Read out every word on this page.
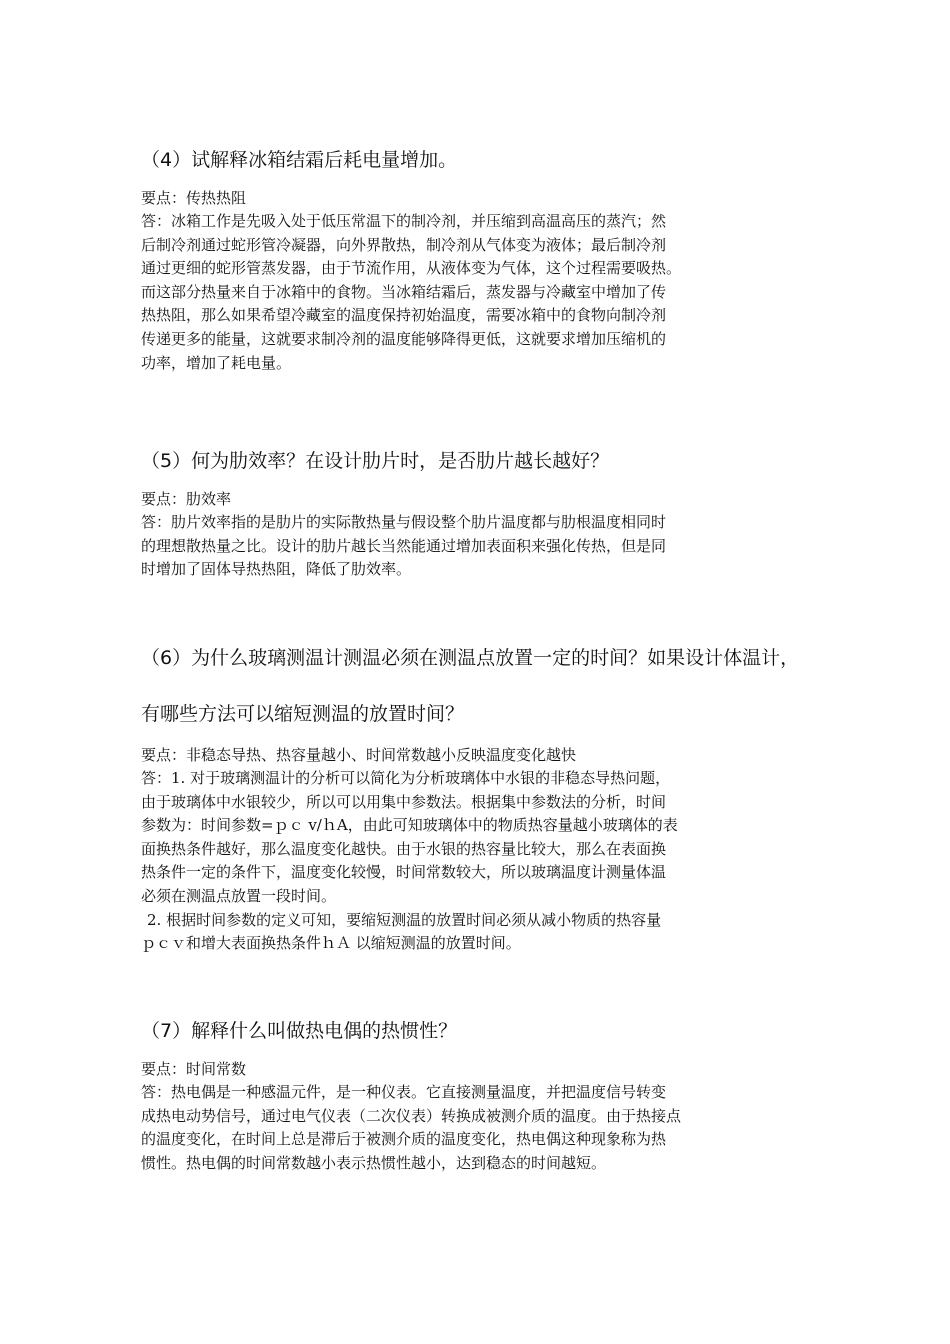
（4）试解释冰箱结霜后耗电量增加。

要点：传热热阻

答：冰箱工作是先吸入处于低压常温下的制冷剂，并压缩到高温高压的蒸汽；然
后制冷剂通过蛇形管冷凝器，向外界散热，制冷剂从气体变为液体；最后制冷剂
通过更细的蛇形管蒸发器，由于节流作用，从液体变为气体，这个过程需要吸热。
而这部分热量来自于冰箱中的食物。当冰箱结霜后，蒸发器与冷藏室中增加了传
热热阻，那么如果希望冷藏室的温度保持初始温度，需要冰箱中的食物向制冷剂
传递更多的能量，这就要求制冷剂的温度能够降得更低，这就要求增加压缩机的
功率，增加了耗电量。

（5）何为肋效率？在设计肋片时，是否肋片越长越好？

要点：肋效率

答：肋片效率指的是肋片的实际散热量与假设整个肋片温度都与肋根温度相同时
的理想散热量之比。设计的肋片越长当然能通过增加表面积来强化传热，但是同
时增加了固体导热热阻，降低了肋效率。

（6）为什么玻璃测温计测温必须在测温点放置一定的时间？如果设计体温计，有哪些方法可以缩短测温的放置时间？

要点：非稳态导热、热容量越小、时间常数越小反映温度变化越快

答：1. 对于玻璃测温计的分析可以简化为分析玻璃体中水银的非稳态导热问题，
由于玻璃体中水银较少，所以可以用集中参数法。根据集中参数法的分析，时间
参数为：时间参数=ｐｃ v/ｈA，由此可知玻璃体中的物质热容量越小玻璃体的表
面换热条件越好，那么温度变化越快。由于水银的热容量比较大，那么在表面换
热条件一定的条件下，温度变化较慢，时间常数较大，所以玻璃温度计测量体温
必须在测温点放置一段时间。
2. 根据时间参数的定义可知，要缩短测温的放置时间必须从减小物质的热容量
ｐｃｖ和增大表面换热条件ｈＡ 以缩短测温的放置时间。

（7）解释什么叫做热电偶的热惯性？

要点：时间常数

答：热电偶是一种感温元件，是一种仪表。它直接测量温度，并把温度信号转变
成热电动势信号，通过电气仪表（二次仪表）转换成被测介质的温度。由于热接点
的温度变化，在时间上总是滞后于被测介质的温度变化，热电偶这种现象称为热
惯性。热电偶的时间常数越小表示热惯性越小，达到稳态的时间越短。
